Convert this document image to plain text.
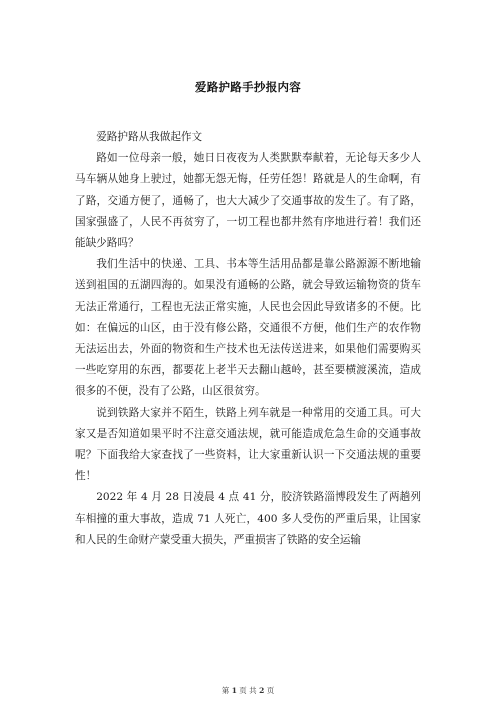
爱路护路手抄报内容

爱路护路从我做起作文

路如一位母亲一般，她日日夜夜为人类默默奉献着，无论每天多少人马车辆从她身上驶过，她都无怨无悔，任劳任怨！路就是人的生命啊，有了路，交通方便了，通畅了，也大大减少了交通事故的发生了。有了路，国家强盛了，人民不再贫穷了，一切工程也都井然有序地进行着！我们还能缺少路吗？

我们生活中的快递、工具、书本等生活用品都是靠公路源源不断地输送到祖国的五湖四海的。如果没有通畅的公路，就会导致运输物资的货车无法正常通行，工程也无法正常实施，人民也会因此导致诸多的不便。比如：在偏远的山区，由于没有修公路，交通很不方便，他们生产的农作物无法运出去，外面的物资和生产技术也无法传送进来，如果他们需要购买一些吃穿用的东西，都要花上老半天去翻山越岭，甚至要横渡溪流，造成很多的不便，没有了公路，山区很贫穷。

说到铁路大家并不陌生，铁路上列车就是一种常用的交通工具。可大家又是否知道如果平时不注意交通法规，就可能造成危急生命的交通事故呢？下面我给大家查找了一些资料，让大家重新认识一下交通法规的重要性！

2022 年 4 月 28 日凌晨 4 点 41 分，胶济铁路淄博段发生了两趟列车相撞的重大事故，造成 71 人死亡，400 多人受伤的严重后果，让国家和人民的生命财产蒙受重大损失，严重损害了铁路的安全运输

第 1 页 共 2 页
